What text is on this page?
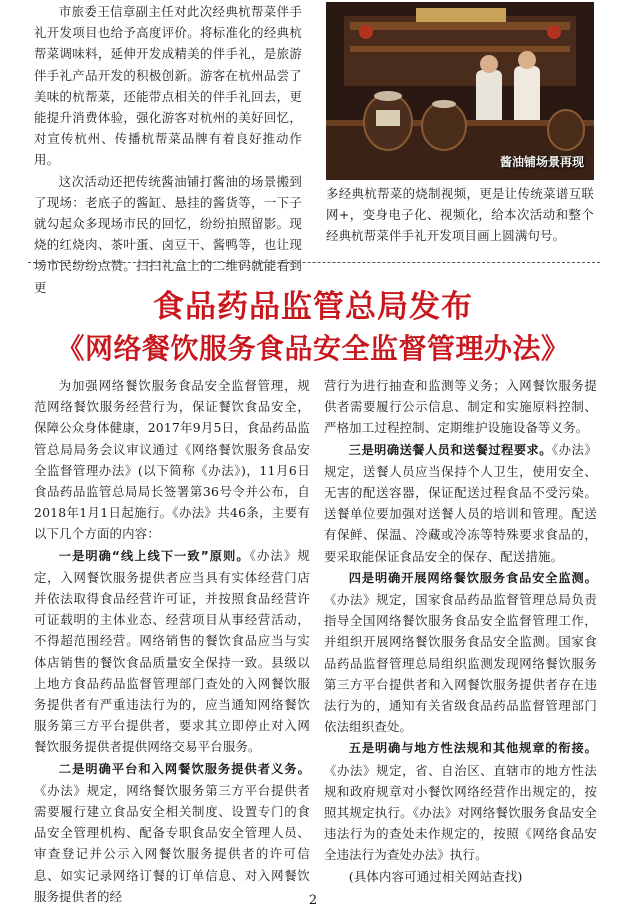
市旅委王信章副主任对此次经典杭帮菜伴手礼开发项目也给予高度评价。将标准化的经典杭帮菜调味料，延伸开发成精美的伴手礼，是旅游伴手礼产品开发的积极创新。游客在杭州品尝了美味的杭帮菜，还能带点相关的伴手礼回去，更能提升消费体验，强化游客对杭州的美好回忆，对宣传杭州、传播杭帮菜品牌有着良好推动作用。

这次活动还把传统酱油铺打酱油的场景搬到了现场：老底子的酱缸、悬挂的酱货等，一下子就勾起众多现场市民的回忆，纷纷拍照留影。现烧的红烧肉、茶叶蛋、卤豆干、酱鸭等，也让现场市民纷纷点赞。扫扫礼盒上的二维码就能看到更

酱油铺场景再现

多经典杭帮菜的烧制视频，更是让传统菜谱互联网+，变身电子化、视频化，给本次活动和整个经典杭帮菜伴手礼开发项目画上圆满句号。

食品药品监管总局发布
《网络餐饮服务食品安全监督管理办法》

为加强网络餐饮服务食品安全监督管理，规范网络餐饮服务经营行为，保证餐饮食品安全，保障公众身体健康，2017年9月5日，食品药品监管总局局务会议审议通过《网络餐饮服务食品安全监督管理办法》(以下简称《办法》)，11月6日食品药品监管总局局长签署第36号令并公布，自2018年1月1日起施行。《办法》共46条，主要有以下几个方面的内容：

一是明确“线上线下一致”原则。《办法》规定，入网餐饮服务提供者应当具有实体经营门店并依法取得食品经营许可证，并按照食品经营许可证载明的主体业态、经营项目从事经营活动，不得超范围经营。网络销售的餐饮食品应当与实体店销售的餐饮食品质量安全保持一致。县级以上地方食品药品监督管理部门查处的入网餐饮服务提供者有严重违法行为的，应当通知网络餐饮服务第三方平台提供者，要求其立即停止对入网餐饮服务提供者提供网络交易平台服务。

二是明确平台和入网餐饮服务提供者义务。《办法》规定，网络餐饮服务第三方平台提供者需要履行建立食品安全相关制度、设置专门的食品安全管理机构、配备专职食品安全管理人员、审查登记并公示入网餐饮服务提供者的许可信息、如实记录网络订餐的订单信息、对入网餐饮服务提供者的经

营行为进行抽查和监测等义务；入网餐饮服务提供者需要履行公示信息、制定和实施原料控制、严格加工过程控制、定期维护设施设备等义务。

三是明确送餐人员和送餐过程要求。《办法》规定，送餐人员应当保持个人卫生，使用安全、无害的配送容器，保证配送过程食品不受污染。送餐单位要加强对送餐人员的培训和管理。配送有保鲜、保温、冷藏或冷冻等特殊要求食品的，要采取能保证食品安全的保存、配送措施。

四是明确开展网络餐饮服务食品安全监测。《办法》规定，国家食品药品监督管理总局负责指导全国网络餐饮服务食品安全监督管理工作，并组织开展网络餐饮服务食品安全监测。国家食品药品监督管理总局组织监测发现网络餐饮服务第三方平台提供者和入网餐饮服务提供者存在违法行为的，通知有关省级食品药品监督管理部门依法组织查处。

五是明确与地方性法规和其他规章的衔接。《办法》规定，省、自治区、直辖市的地方性法规和政府规章对小餐饮网络经营作出规定的，按照其规定执行。《办法》对网络餐饮服务食品安全违法行为的查处未作规定的，按照《网络食品安全违法行为查处办法》执行。

(具体内容可通过相关网站查找)

2
